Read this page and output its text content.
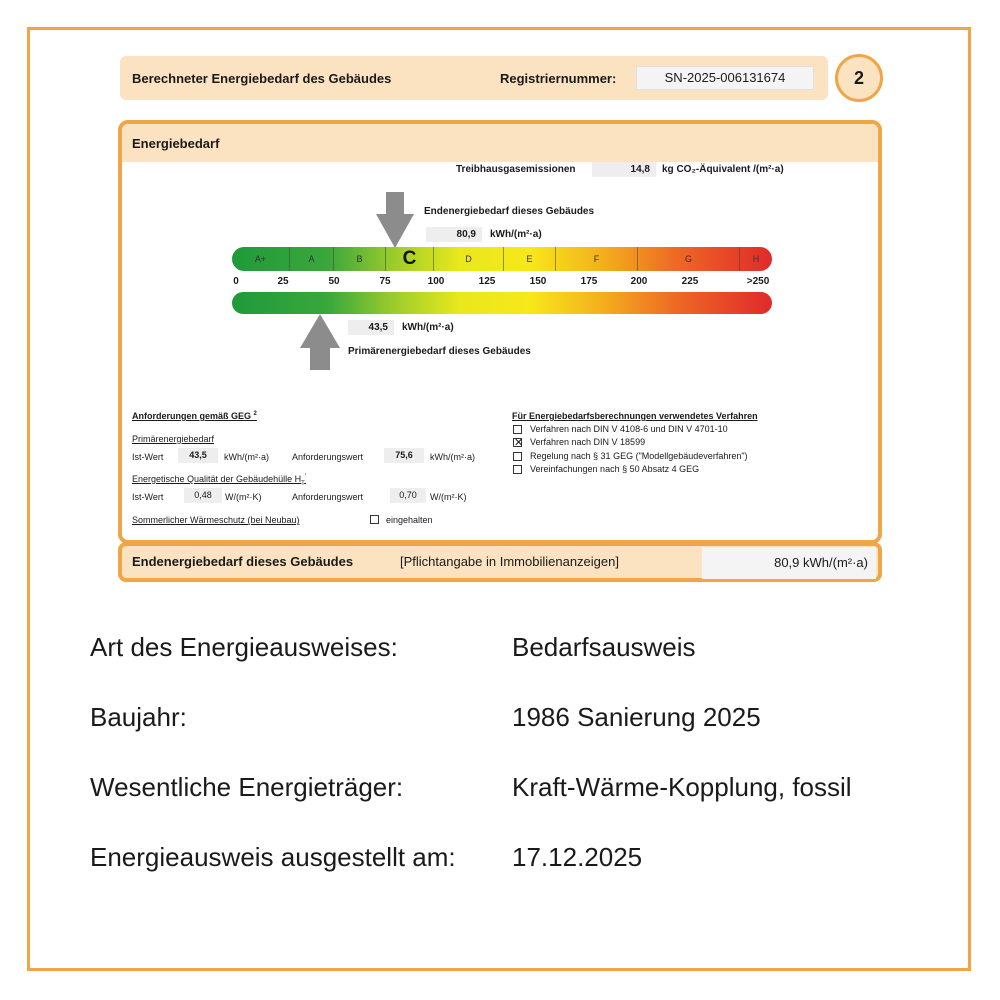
Berechneter Energiebedarf des Gebäudes	Registriernummer:	SN-2025-006131674	2
Energiebedarf
Treibhausgasemissionen	14,8	kg CO₂-Äquivalent /(m²·a)
Endenergiebedarf dieses Gebäudes
80,9	kWh/(m²·a)
A+	A	B	C	D	E	F	G	H
0	25	50	75	100	125	150	175	200	225	>250
43,5	kWh/(m²·a)
Primärenergiebedarf dieses Gebäudes
Anforderungen gemäß GEG $^2$
Primärenergiebedarf
Ist-Wert	43,5	kWh/(m²·a)	Anforderungswert	75,6	kWh/(m²·a)
Energetische Qualität der Gebäudehülle $H_T'$
Ist-Wert	0,48	W/(m²·K)	Anforderungswert	0,70	W/(m²·K)
Sommerlicher Wärmeschutz (bei Neubau)	eingehalten
Für Energiebedarfsberechnungen verwendetes Verfahren
Verfahren nach DIN V 4108-6 und DIN V 4701-10
✕ Verfahren nach DIN V 18599
Regelung nach § 31 GEG ("Modellgebäudeverfahren")
Vereinfachungen nach § 50 Absatz 4 GEG
Endenergiebedarf dieses Gebäudes	[Pflichtangabe in Immobilienanzeigen]	80,9 kWh/(m²·a)
Art des Energieausweises:	Bedarfsausweis
Baujahr:	1986 Sanierung 2025
Wesentliche Energieträger:	Kraft-Wärme-Kopplung, fossil
Energieausweis ausgestellt am: 17.12.2025
